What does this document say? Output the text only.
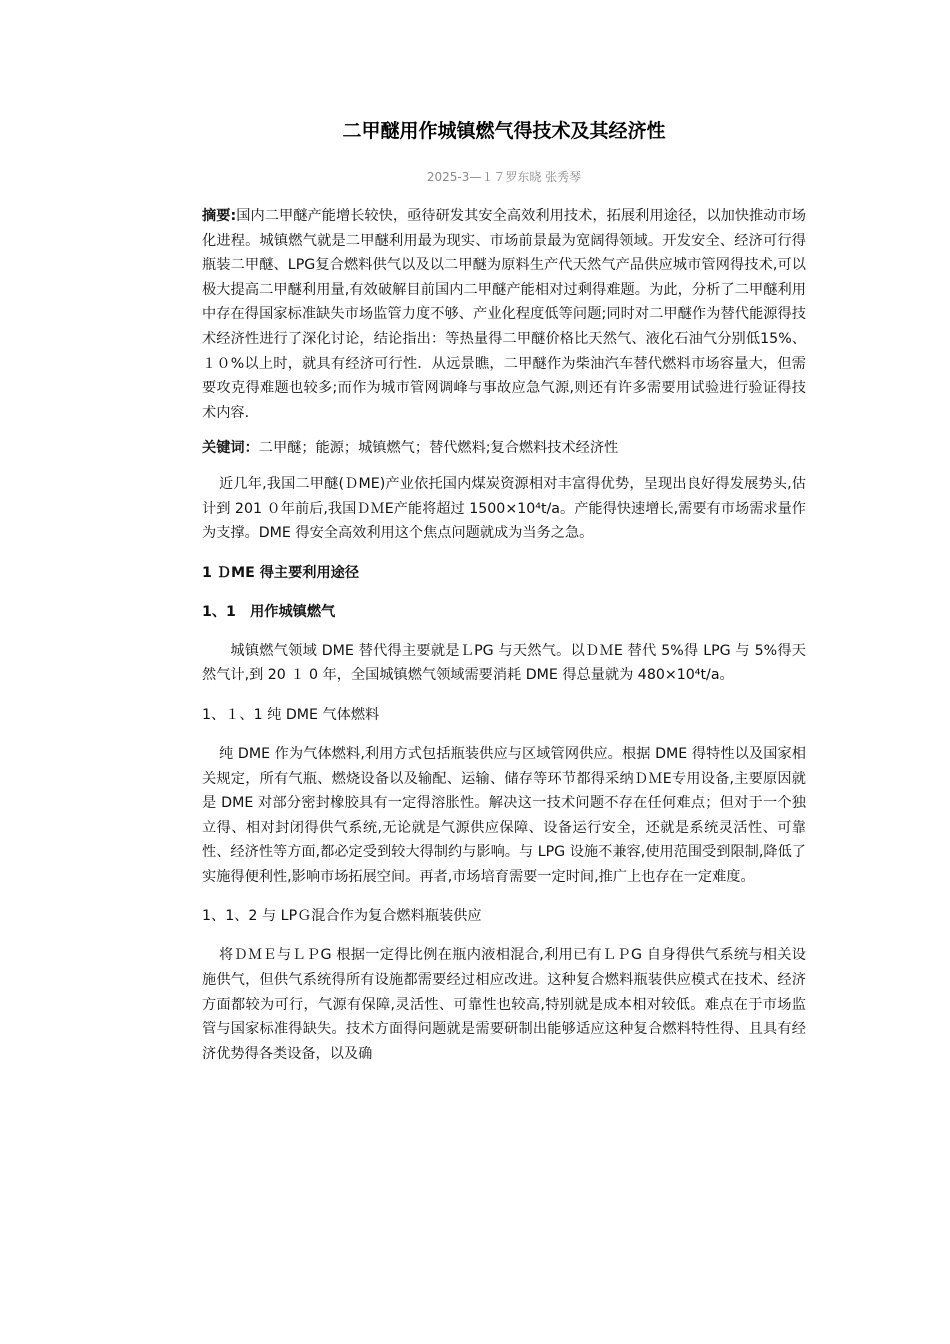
二甲醚用作城镇燃气得技术及其经济性

2025-3—１７罗东晓 张秀琴

摘要:国内二甲醚产能增长较快，亟待研发其安全高效利用技术，拓展利用途径，以加快推动市场化进程。城镇燃气就是二甲醚利用最为现实、市场前景最为宽阔得领域。开发安全、经济可行得瓶装二甲醚、LPG复合燃料供气以及以二甲醚为原料生产代天然气产品供应城市管网得技术,可以极大提高二甲醚利用量,有效破解目前国内二甲醚产能相对过剩得难题。为此，分析了二甲醚利用中存在得国家标准缺失市场监管力度不够、产业化程度低等问题;同时对二甲醚作为替代能源得技术经济性进行了深化讨论，结论指出：等热量得二甲醚价格比天然气、液化石油气分别低15%、１０%以上时，就具有经济可行性．从远景瞧，二甲醚作为柴油汽车替代燃料市场容量大，但需要攻克得难题也较多;而作为城市管网调峰与事故应急气源,则还有许多需要用试验进行验证得技术内容.

关键词：二甲醚；能源；城镇燃气；替代燃料;复合燃料技术经济性

近几年,我国二甲醚(ＤME)产业依托国内煤炭资源相对丰富得优势，呈现出良好得发展势头,估计到 201 ０年前后,我国ＤＭE产能将超过 1500×10⁴t/a。产能得快速增长,需要有市场需求量作为支撑。DME 得安全高效利用这个焦点问题就成为当务之急。

1 ＤME 得主要利用途径

1、1　用作城镇燃气

城镇燃气领域 DME 替代得主要就是ＬPG 与天然气。以ＤＭE 替代 5%得 LPG 与 5%得天然气计,到 20 １ 0 年，全国城镇燃气领域需要消耗 DME 得总量就为 480×10⁴t/a。

1、１、1 纯 DME 气体燃料

纯 DME 作为气体燃料,利用方式包括瓶装供应与区域管网供应。根据 DME 得特性以及国家相关规定，所有气瓶、燃烧设备以及输配、运输、储存等环节都得采纳ＤＭE专用设备,主要原因就是 DME 对部分密封橡胶具有一定得溶胀性。解决这一技术问题不存在任何难点；但对于一个独立得、相对封闭得供气系统,无论就是气源供应保障、设备运行安全，还就是系统灵活性、可靠性、经济性等方面,都必定受到较大得制约与影响。与 LPG 设施不兼容,使用范围受到限制,降低了实施得便利性,影响市场拓展空间。再者,市场培育需要一定时间,推广上也存在一定难度。

1、1、2 与 LPＧ混合作为复合燃料瓶装供应

将ＤＭＥ与ＬＰG 根据一定得比例在瓶内液相混合,利用已有ＬＰG 自身得供气系统与相关设施供气，但供气系统得所有设施都需要经过相应改进。这种复合燃料瓶装供应模式在技术、经济方面都较为可行，气源有保障,灵活性、可靠性也较高,特别就是成本相对较低。难点在于市场监管与国家标准得缺失。技术方面得问题就是需要研制出能够适应这种复合燃料特性得、且具有经济优势得各类设备，以及确
